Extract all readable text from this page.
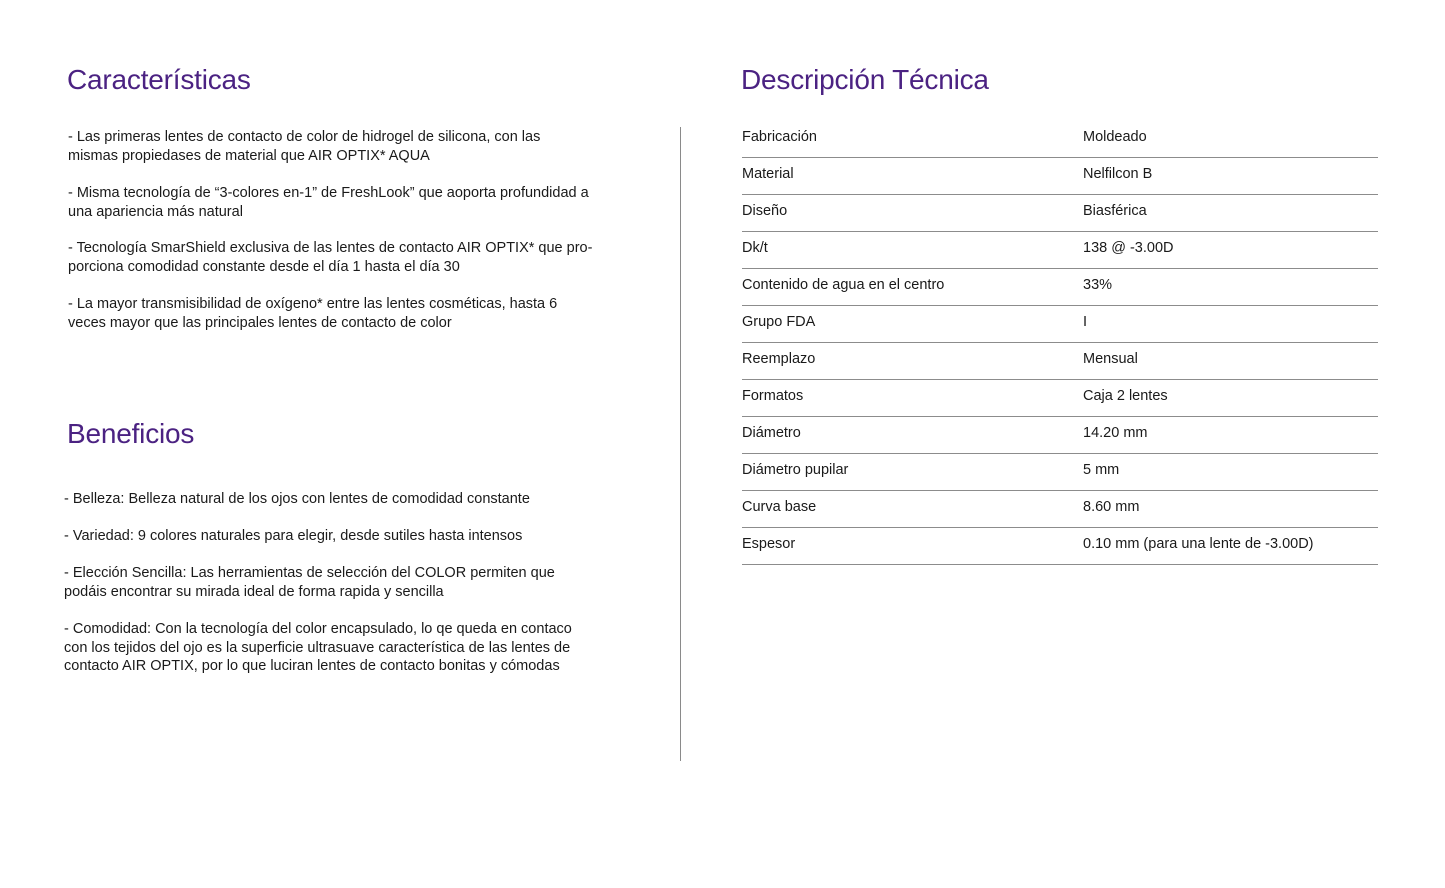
Características

- Las primeras lentes de contacto de color de hidrogel de silicona, con las mismas propiedases de material que AIR OPTIX* AQUA

- Misma tecnología de “3-colores en-1” de FreshLook” que aoporta profundidad a una apariencia más natural

- Tecnología SmarShield exclusiva de las lentes de contacto AIR OPTIX* que pro-porciona comodidad constante desde el día 1 hasta el día 30

- La mayor transmisibilidad de oxígeno* entre las lentes cosméticas, hasta 6 veces mayor que las principales lentes de contacto de color

Beneficios

- Belleza: Belleza natural de los ojos con lentes de comodidad constante

- Variedad: 9 colores naturales para elegir, desde sutiles hasta intensos

- Elección Sencilla: Las herramientas de selección del COLOR permiten que podáis encontrar su mirada ideal de forma rapida y sencilla

- Comodidad: Con la tecnología del color encapsulado, lo qe queda en contaco con los tejidos del ojo es la superficie ultrasuave característica de las lentes de contacto AIR OPTIX, por lo que luciran lentes de contacto bonitas y cómodas

Descripción Técnica
Fabricación	Moldeado
Material	Nelfilcon B
Diseño	Biasférica
Dk/t	138 @ -3.00D
Contenido de agua en el centro	33%
Grupo FDA	I
Reemplazo	Mensual
Formatos	Caja 2 lentes
Diámetro	14.20 mm
Diámetro pupilar	5 mm
Curva base	8.60 mm
Espesor	0.10 mm (para una lente de -3.00D)
